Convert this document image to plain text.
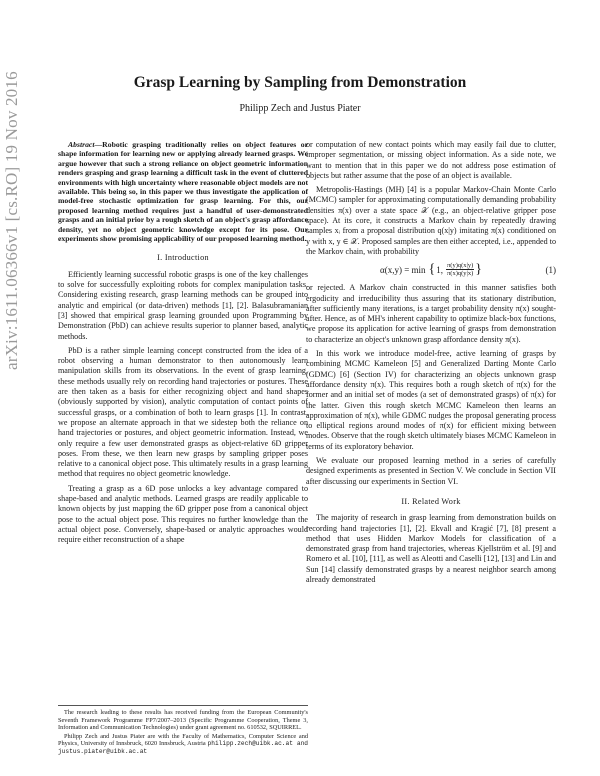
arXiv:1611.06366v1 [cs.RO] 19 Nov 2016	Grasp Learning by Sampling from Demonstration
Philipp Zech and Justus Piater

Abstract—Robotic grasping traditionally relies on object features or shape information for learning new or applying already learned grasps. We argue however that such a strong reliance on object geometric information renders grasping and grasp learning a difficult task in the event of cluttered environments with high uncertainty where reasonable object models are not available. This being so, in this paper we thus investigate the application of model-free stochastic optimization for grasp learning. For this, our proposed learning method requires just a handful of user-demonstrated grasps and an initial prior by a rough sketch of an object's grasp affordance density, yet no object geometric knowledge except for its pose. Our experiments show promising applicability of our proposed learning method.

I. Introduction

Efficiently learning successful robotic grasps is one of the key challenges to solve for successfully exploiting robots for complex manipulation tasks. Considering existing research, grasp learning methods can be grouped into analytic and empirical (or data-driven) methods [1], [2]. Balasubramanian [3] showed that empirical grasp learning grounded upon Programming by Demonstration (PbD) can achieve results superior to planner based, analytic methods.

PbD is a rather simple learning concept constructed from the idea of a robot observing a human demonstrator to then autonomously learn manipulation skills from its observations. In the event of grasp learning, these methods usually rely on recording hand trajectories or postures. These are then taken as a basis for either recognizing object and hand shapes (obviously supported by vision), analytic computation of contact points of successful grasps, or a combination of both to learn grasps [1]. In contrast, we propose an alternate approach in that we sidestep both the reliance on hand trajectories or postures, and object geometric information. Instead, we only require a few user demonstrated grasps as object-relative 6D gripper poses. From these, we then learn new grasps by sampling gripper poses relative to a canonical object pose. This ultimately results in a grasp learning method that requires no object geometric knowledge.

Treating a grasp as a 6D pose unlocks a key advantage compared to shape-based and analytic methods. Learned grasps are readily applicable to known objects by just mapping the 6D gripper pose from a canonical object pose to the actual object pose. This requires no further knowledge than the actual object pose. Conversely, shape-based or analytic approaches would require either reconstruction of a shape

The research leading to these results has received funding from the European Community's Seventh Framework Programme FP7/2007–2013 (Specific Programme Cooperation, Theme 3, Information and Communication Technologies) under grant agreement no. 610532, SQUIRREL.

Philipp Zech and Justus Piater are with the Faculty of Mathematics, Computer Science and Physics, University of Innsbruck, 6020 Innsbruck, Austria philipp.zech@uibk.ac.at and justus.piater@uibk.ac.at

or computation of new contact points which may easily fail due to clutter, improper segmentation, or missing object information. As a side note, we want to mention that in this paper we do not address pose estimation of objects but rather assume that the pose of an object is available.

Metropolis-Hastings (MH) [4] is a popular Markov-Chain Monte Carlo (MCMC) sampler for approximating computationally demanding probability densities π(x) over a state space 𝒳 (e.g., an object-relative gripper pose space). At its core, it constructs a Markov chain by repeatedly drawing samples xᵢ from a proposal distribution q(x|y) imitating π(x) conditioned on y with x, y ∈ 𝒳. Proposed samples are then either accepted, i.e., appended to the Markov chain, with probability

α(x,y) = min { 1, $\frac{\pi(y)q(x|y)}{\pi(x)q(y|x)}$ }	(1)

or rejected. A Markov chain constructed in this manner satisfies both ergodicity and irreducibility thus assuring that its stationary distribution, after sufficiently many iterations, is a target probability density π(x) sought-after. Hence, as of MH's inherent capability to optimize black-box functions, we propose its application for active learning of grasps from demonstration to characterize an object's unknown grasp affordance density π(x).

In this work we introduce model-free, active learning of grasps by combining MCMC Kameleon [5] and Generalized Darting Monte Carlo (GDMC) [6] (Section IV) for characterizing an objects unknown grasp affordance density π(x). This requires both a rough sketch of π(x) for the former and an initial set of modes (a set of demonstrated grasps) of π(x) for the latter. Given this rough sketch MCMC Kameleon then learns an approximation of π(x), while GDMC nudges the proposal generating process to elliptical regions around modes of π(x) for efficient mixing between modes. Observe that the rough sketch ultimately biases MCMC Kameleon in terms of its exploratory behavior.

We evaluate our proposed learning method in a series of carefully designed experiments as presented in Section V. We conclude in Section VII after discussing our experiments in Section VI.

II. Related Work

The majority of research in grasp learning from demonstration builds on recording hand trajectories [1], [2]. Ekvall and Kragić [7], [8] present a method that uses Hidden Markov Models for classification of a demonstrated grasp from hand trajectories, whereas Kjellström et al. [9] and Romero et al. [10], [11], as well as Aleotti and Caselli [12], [13] and Lin and Sun [14] classify demonstrated grasps by a nearest neighbor search among already demonstrated
